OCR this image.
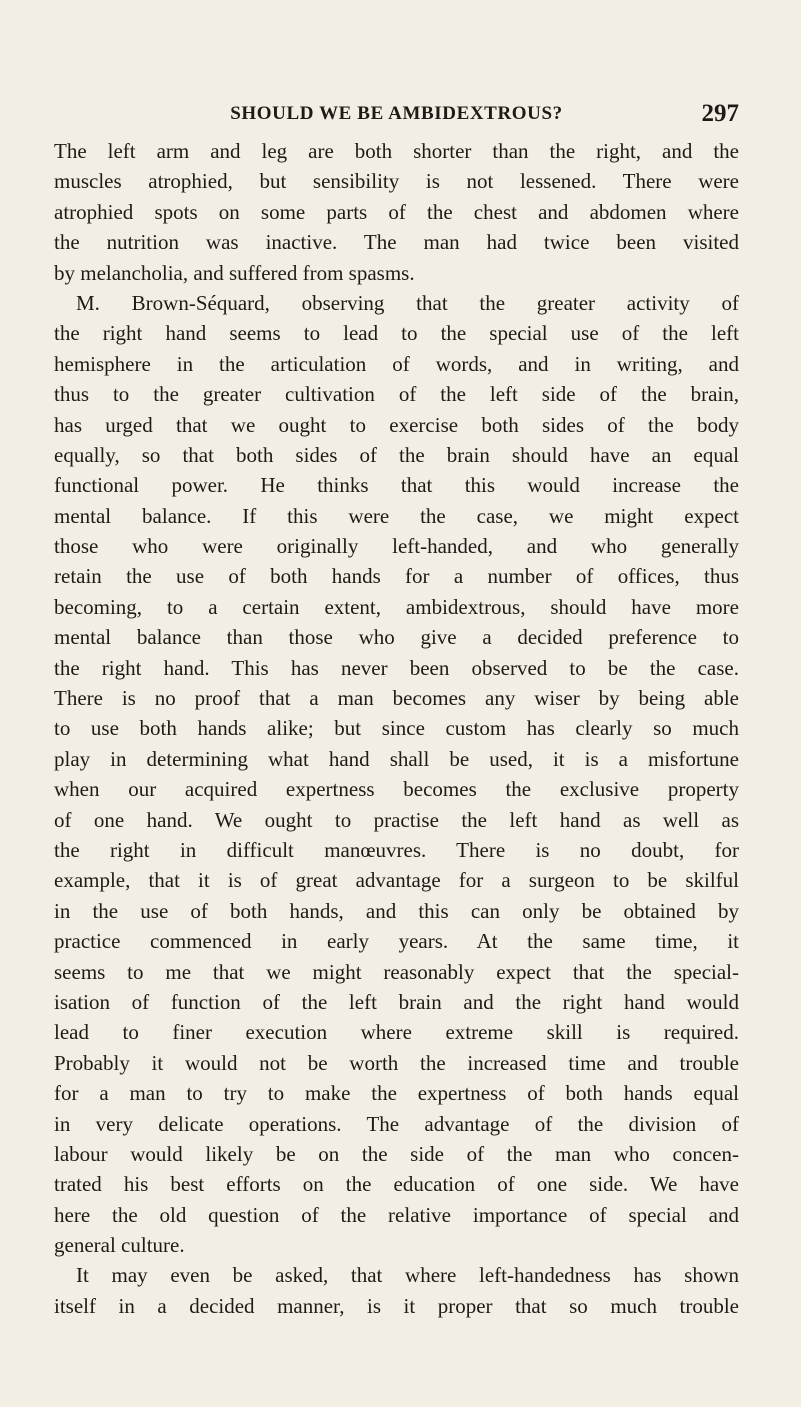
SHOULD WE BE AMBIDEXTROUS?	297
The left arm and leg are both shorter than the right, and the
muscles atrophied, but sensibility is not lessened. There were
atrophied spots on some parts of the chest and abdomen where
the nutrition was inactive. The man had twice been visited
by melancholia, and suffered from spasms.
M. Brown-Séquard, observing that the greater activity of
the right hand seems to lead to the special use of the left
hemisphere in the articulation of words, and in writing, and
thus to the greater cultivation of the left side of the brain,
has urged that we ought to exercise both sides of the body
equally, so that both sides of the brain should have an equal
functional power. He thinks that this would increase the
mental balance. If this were the case, we might expect
those who were originally left-handed, and who generally
retain the use of both hands for a number of offices, thus
becoming, to a certain extent, ambidextrous, should have more
mental balance than those who give a decided preference to
the right hand. This has never been observed to be the case.
There is no proof that a man becomes any wiser by being able
to use both hands alike; but since custom has clearly so much
play in determining what hand shall be used, it is a misfortune
when our acquired expertness becomes the exclusive property
of one hand. We ought to practise the left hand as well as
the right in difficult manœuvres. There is no doubt, for
example, that it is of great advantage for a surgeon to be skilful
in the use of both hands, and this can only be obtained by
practice commenced in early years. At the same time, it
seems to me that we might reasonably expect that the special-
isation of function of the left brain and the right hand would
lead to finer execution where extreme skill is required.
Probably it would not be worth the increased time and trouble
for a man to try to make the expertness of both hands equal
in very delicate operations. The advantage of the division of
labour would likely be on the side of the man who concen-
trated his best efforts on the education of one side. We have
here the old question of the relative importance of special and
general culture.
It may even be asked, that where left-handedness has shown
itself in a decided manner, is it proper that so much trouble
